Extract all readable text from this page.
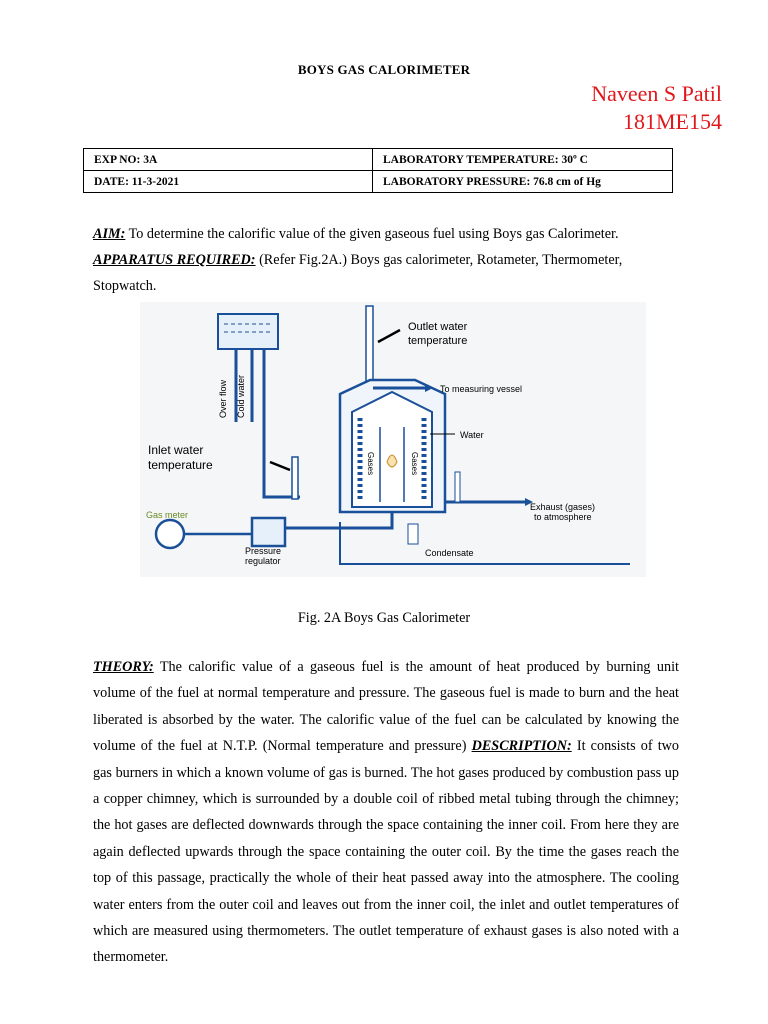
BOYS GAS CALORIMETER
Naveen S Patil
181ME154
EXP NO: 3A	LABORATORY TEMPERATURE: 30º C
DATE: 11-3-2021	LABORATORY PRESSURE: 76.8 cm of Hg
AIM: To determine the calorific value of the given gaseous fuel using Boys gas Calorimeter.
APPARATUS REQUIRED: (Refer Fig.2A.) Boys gas calorimeter, Rotameter, Thermometer, Stopwatch.
Over flow Cold water
Gases	Gases
Outlet water
temperature
To measuring vessel
Water
Inlet water
temperature
Exhaust (gases)
to atmosphere
Gas meter
Pressure
regulator
Condensate
Fig. 2A Boys Gas Calorimeter
THEORY: The calorific value of a gaseous fuel is the amount of heat produced by burning unit volume of the fuel at normal temperature and pressure. The gaseous fuel is made to burn and the heat liberated is absorbed by the water. The calorific value of the fuel can be calculated by knowing the volume of the fuel at N.T.P. (Normal temperature and pressure) DESCRIPTION: It consists of two gas burners in which a known volume of gas is burned. The hot gases produced by combustion pass up a copper chimney, which is surrounded by a double coil of ribbed metal tubing through the chimney; the hot gases are deflected downwards through the space containing the inner coil. From here they are again deflected upwards through the space containing the outer coil. By the time the gases reach the top of this passage, practically the whole of their heat passed away into the atmosphere. The cooling water enters from the outer coil and leaves out from the inner coil, the inlet and outlet temperatures of which are measured using thermometers. The outlet temperature of exhaust gases is also noted with a thermometer.
